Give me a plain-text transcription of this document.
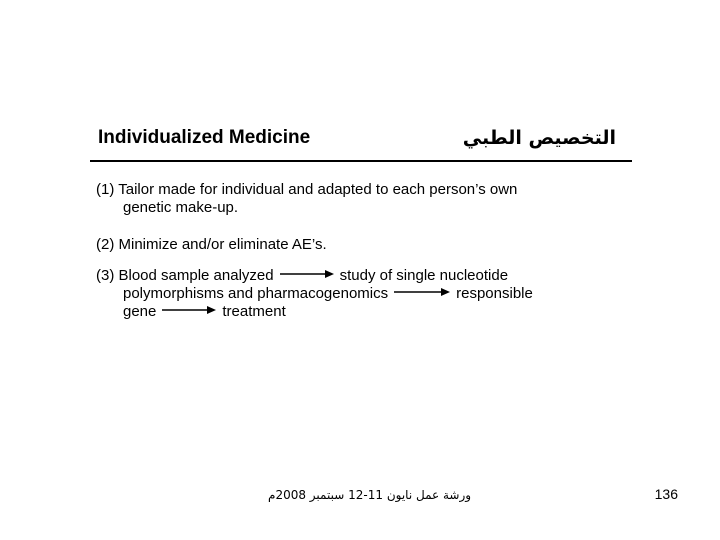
Individualized Medicine	التخصيص الطبي
(1) Tailor made for individual and adapted to each person’s own
genetic make-up.
(2) Minimize and/or eliminate AE’s.
(3) Blood sample analyzed	study of single nucleotide
polymorphisms and pharmacogenomics	responsible
gene	treatment
ورشة عمل نايون 11-12 سبتمبر 2008م	136
